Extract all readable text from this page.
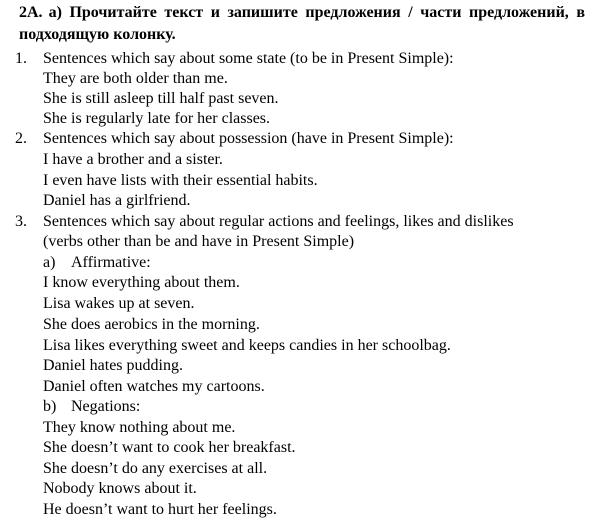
2A. а) Прочитайте текст и запишите предложения / части предложений, в подходящую колонку.
1. Sentences which say about some state (to be in Present Simple):
They are both older than me.
She is still asleep till half past seven.
She is regularly late for her classes.
2. Sentences which say about possession (have in Present Simple):
I have a brother and a sister.
I even have lists with their essential habits.
Daniel has a girlfriend.
3. Sentences which say about regular actions and feelings, likes and dislikes
(verbs other than be and have in Present Simple)
a) Affirmative:
I know everything about them.
Lisa wakes up at seven.
She does aerobics in the morning.
Lisa likes everything sweet and keeps candies in her schoolbag.
Daniel hates pudding.
Daniel often watches my cartoons.
b) Negations:
They know nothing about me.
She doesn’t want to cook her breakfast.
She doesn’t do any exercises at all.
Nobody knows about it.
He doesn’t want to hurt her feelings.
